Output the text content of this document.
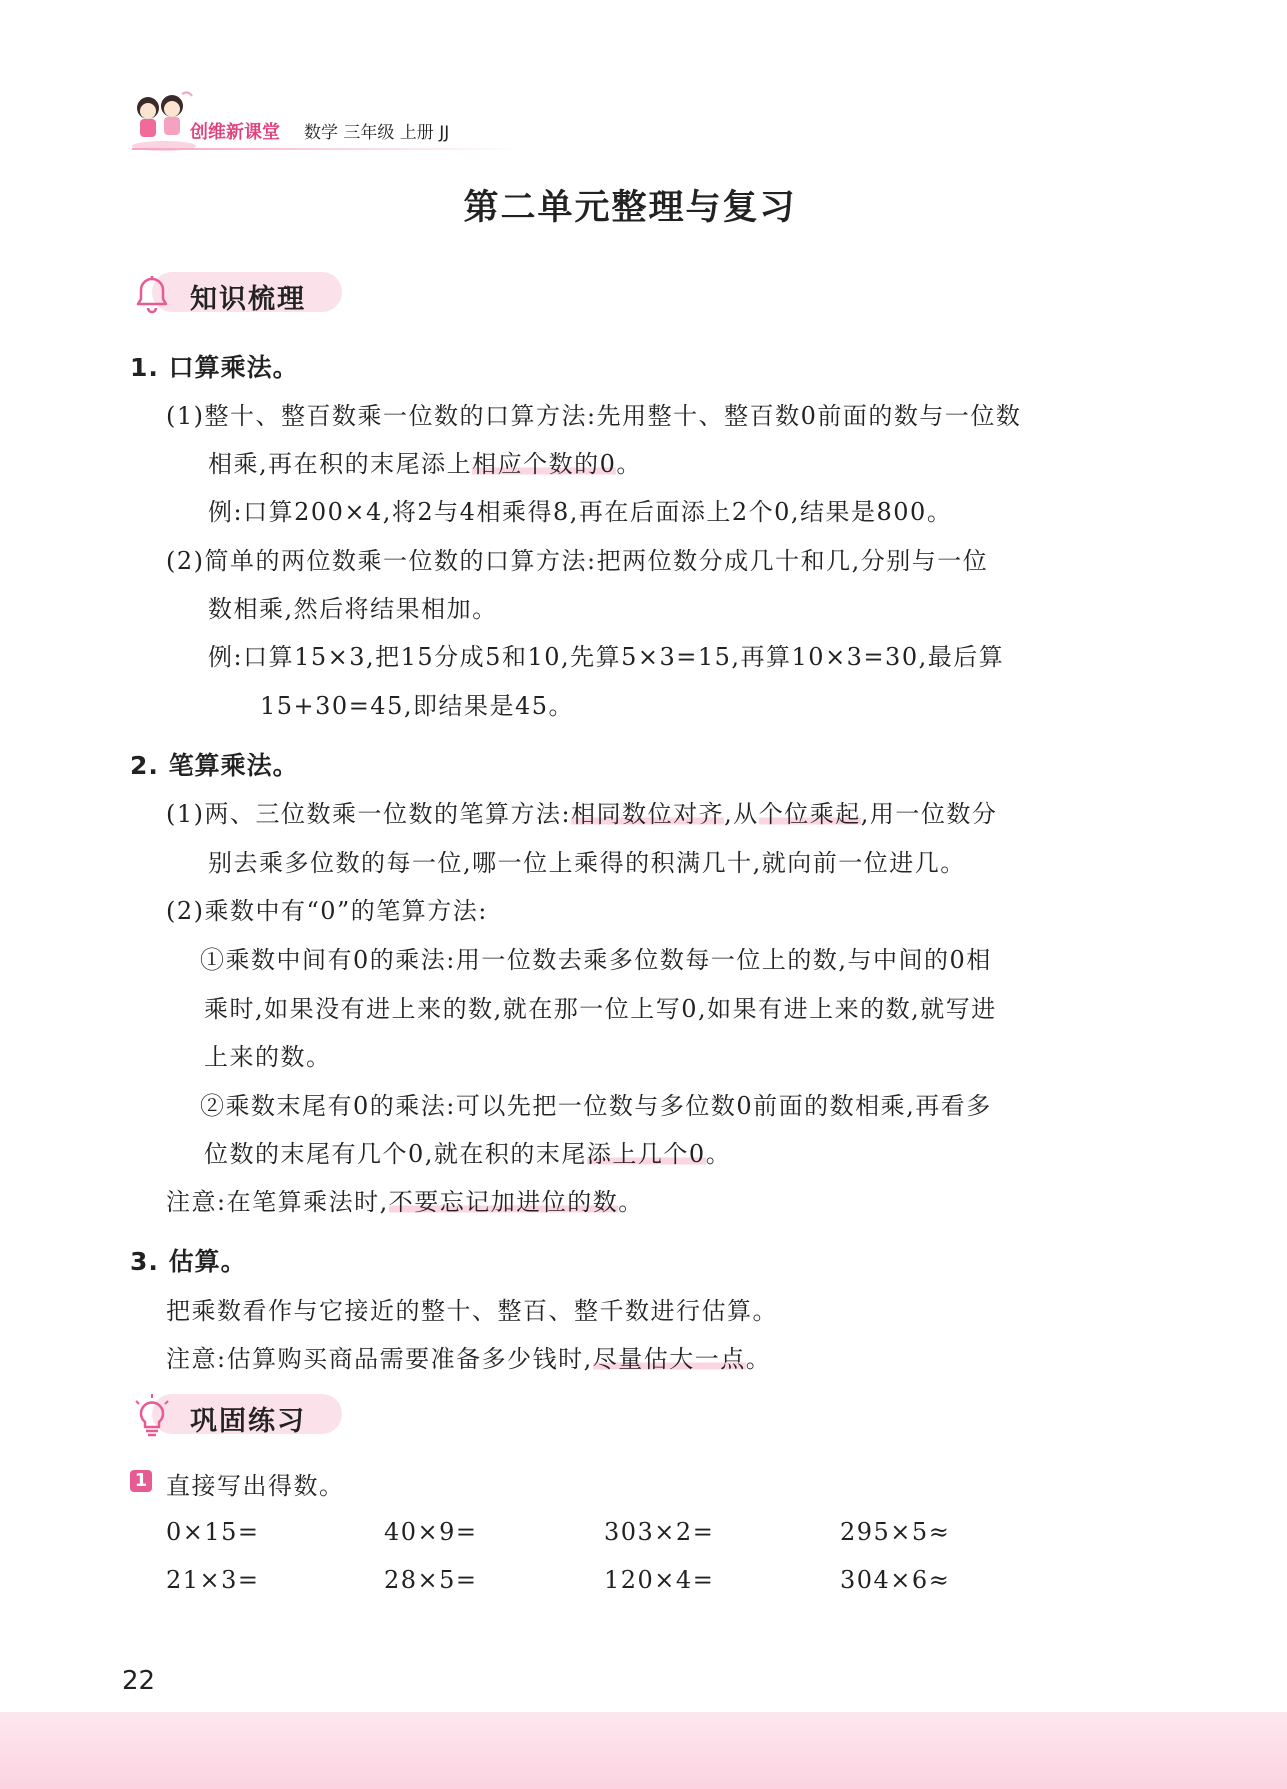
创维新课堂 数学 三年级 上册 JJ
第二单元整理与复习
知识梳理
1. 口算乘法。
(1)整十、整百数乘一位数的口算方法:先用整十、整百数0前面的数与一位数
相乘,再在积的末尾添上相应个数的0。
例:口算200×4,将2与4相乘得8,再在后面添上2个0,结果是800。
(2)简单的两位数乘一位数的口算方法:把两位数分成几十和几,分别与一位
数相乘,然后将结果相加。
例:口算15×3,把15分成5和10,先算5×3=15,再算10×3=30,最后算
15+30=45,即结果是45。
2. 笔算乘法。
(1)两、三位数乘一位数的笔算方法:相同数位对齐,从个位乘起,用一位数分
别去乘多位数的每一位,哪一位上乘得的积满几十,就向前一位进几。
(2)乘数中有“0”的笔算方法:
①乘数中间有0的乘法:用一位数去乘多位数每一位上的数,与中间的0相
乘时,如果没有进上来的数,就在那一位上写0,如果有进上来的数,就写进
上来的数。
②乘数末尾有0的乘法:可以先把一位数与多位数0前面的数相乘,再看多
位数的末尾有几个0,就在积的末尾添上几个0。
注意:在笔算乘法时,不要忘记加进位的数。
3. 估算。
把乘数看作与它接近的整十、整百、整千数进行估算。
注意:估算购买商品需要准备多少钱时,尽量估大一点。
巩固练习
1 直接写出得数。
0×15=	40×9=	303×2=	295×5≈
21×3=	28×5=	120×4=	304×6≈
22
